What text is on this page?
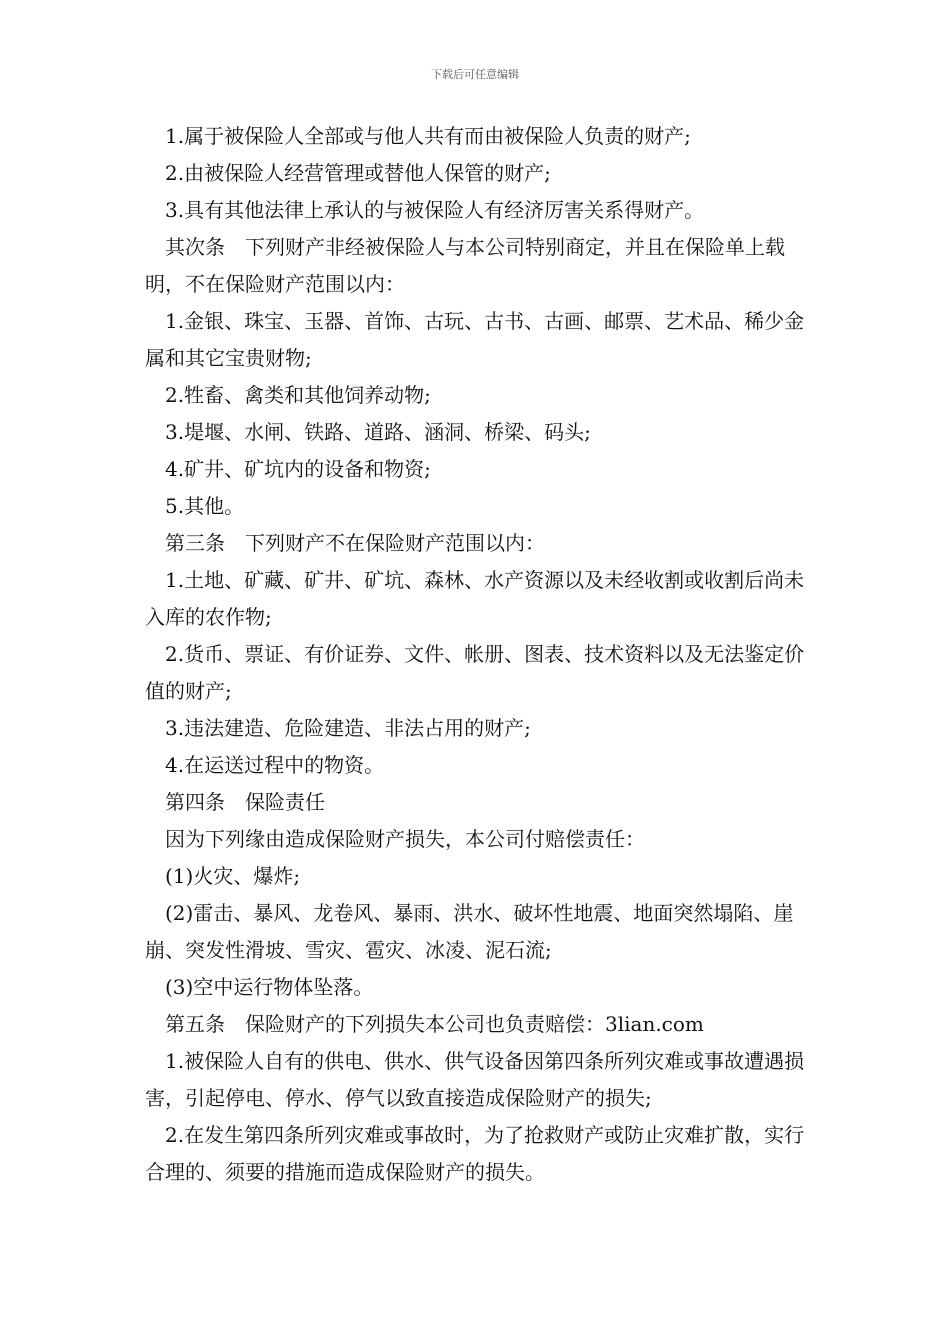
下载后可任意编辑

1.属于被保险人全部或与他人共有而由被保险人负责的财产;

2.由被保险人经营管理或替他人保管的财产;

3.具有其他法律上承认的与被保险人有经济厉害关系得财产。

其次条　下列财产非经被保险人与本公司特别商定，并且在保险单上载明，不在保险财产范围以内：

1.金银、珠宝、玉器、首饰、古玩、古书、古画、邮票、艺术品、稀少金属和其它宝贵财物;

2.牲畜、禽类和其他饲养动物;

3.堤堰、水闸、铁路、道路、涵洞、桥梁、码头;

4.矿井、矿坑内的设备和物资;

5.其他。

第三条　下列财产不在保险财产范围以内：

1.土地、矿藏、矿井、矿坑、森林、水产资源以及未经收割或收割后尚未入库的农作物;

2.货币、票证、有价证券、文件、帐册、图表、技术资料以及无法鉴定价值的财产;

3.违法建造、危险建造、非法占用的财产;

4.在运送过程中的物资。

第四条　保险责任

因为下列缘由造成保险财产损失，本公司付赔偿责任：

(1)火灾、爆炸;

(2)雷击、暴风、龙卷风、暴雨、洪水、破坏性地震、地面突然塌陷、崖崩、突发性滑坡、雪灾、雹灾、冰凌、泥石流;

(3)空中运行物体坠落。

第五条　保险财产的下列损失本公司也负责赔偿：3lian.com

1.被保险人自有的供电、供水、供气设备因第四条所列灾难或事故遭遇损害，引起停电、停水、停气以致直接造成保险财产的损失;

2.在发生第四条所列灾难或事故时，为了抢救财产或防止灾难扩散，实行合理的、须要的措施而造成保险财产的损失。
